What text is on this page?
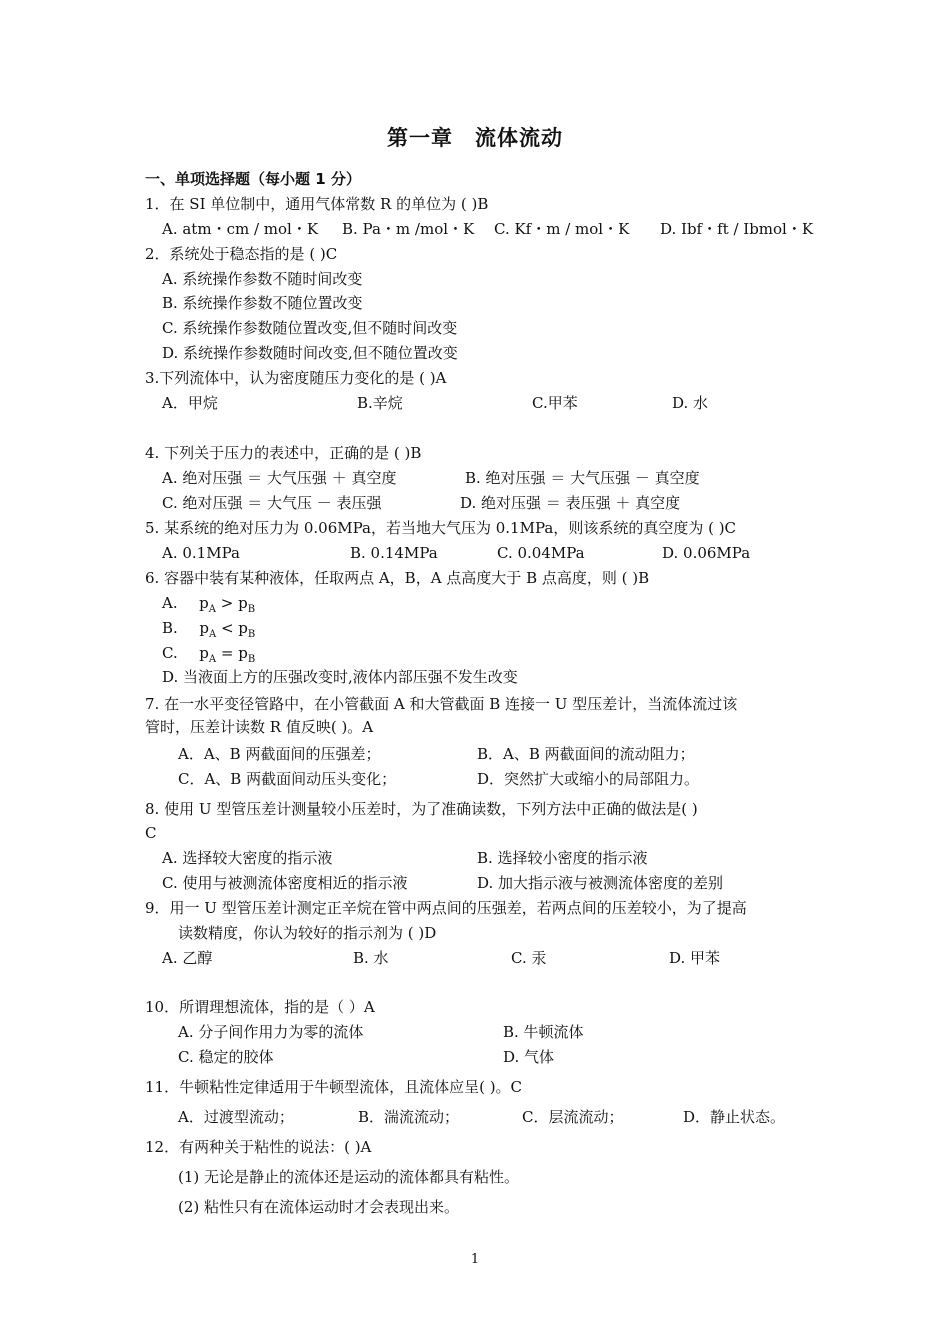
第一章 流体流动
一、单项选择题（每小题 1 分）
1．在 SI 单位制中，通用气体常数 R 的单位为 ( )B
A. atm・cm / mol・K B. Pa・m /mol・K C. Kf・m / mol・K D. Ibf・ft / Ibmol・K
2．系统处于稳态指的是 ( )C
A. 系统操作参数不随时间改变
B. 系统操作参数不随位置改变
C. 系统操作参数随位置改变,但不随时间改变
D. 系统操作参数随时间改变,但不随位置改变
3.下列流体中，认为密度随压力变化的是 ( )A
A．甲烷	B.辛烷	C.甲苯	D. 水
4. 下列关于压力的表述中，正确的是 ( )B
A. 绝对压强 ＝ 大气压强 ＋ 真空度	B. 绝对压强 ＝ 大气压强 － 真空度
C. 绝对压强 ＝ 大气压 － 表压强	D. 绝对压强 ＝ 表压强 ＋ 真空度
5. 某系统的绝对压力为 0.06MPa，若当地大气压为 0.1MPa，则该系统的真空度为 ( )C
A. 0.1MPa	B. 0.14MPa	C. 0.04MPa	D. 0.06MPa
6. 容器中装有某种液体，任取两点 A，B，A 点高度大于 B 点高度，则 ( )B
A. $p_A > p_B$
B. $p_A < p_B$
C. $p_A = p_B$
D. 当液面上方的压强改变时,液体内部压强不发生改变
7. 在一水平变径管路中，在小管截面 A 和大管截面 B 连接一 U 型压差计，当流体流过该
管时，压差计读数 R 值反映( )。A
A．A、B 两截面间的压强差；	B．A、B 两截面间的流动阻力；
C．A、B 两截面间动压头变化；	D．突然扩大或缩小的局部阻力。
8. 使用 U 型管压差计测量较小压差时，为了准确读数，下列方法中正确的做法是( )
C
A. 选择较大密度的指示液	B. 选择较小密度的指示液
C. 使用与被测流体密度相近的指示液	D. 加大指示液与被测流体密度的差别
9．用一 U 型管压差计测定正辛烷在管中两点间的压强差，若两点间的压差较小，为了提高
读数精度，你认为较好的指示剂为 ( )D
A. 乙醇	B. 水	C. 汞	D. 甲苯
10．所谓理想流体，指的是（ ）A
A. 分子间作用力为零的流体	B. 牛顿流体
C. 稳定的胶体	D. 气体
11．牛顿粘性定律适用于牛顿型流体，且流体应呈( )。C
A．过渡型流动；	B．湍流流动；	C．层流流动；	D．静止状态。
12．有两种关于粘性的说法：( )A
(1) 无论是静止的流体还是运动的流体都具有粘性。
(2) 粘性只有在流体运动时才会表现出来。
1
